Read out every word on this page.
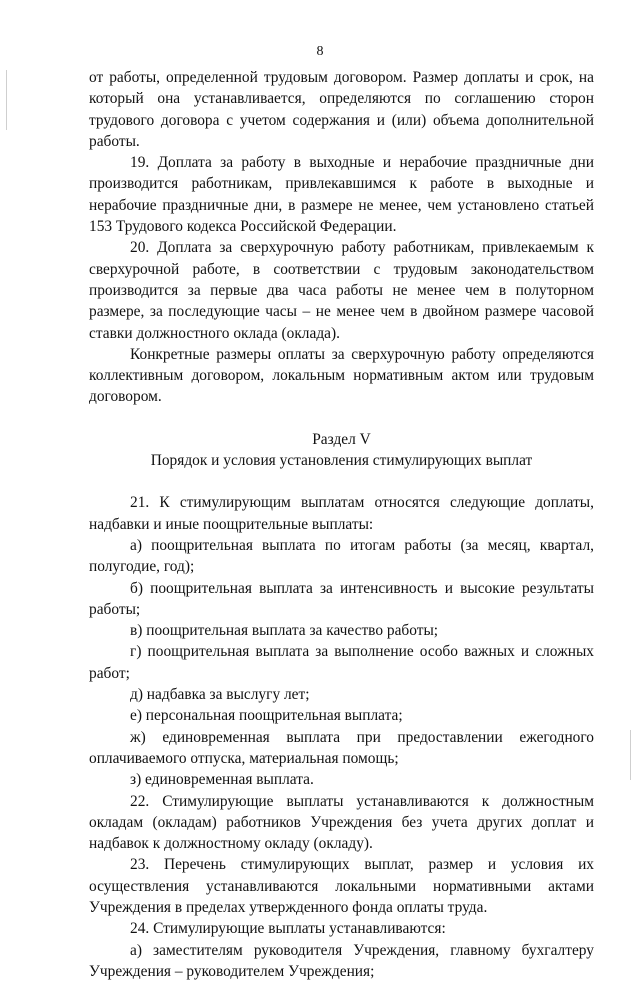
8

от работы, определенной трудовым договором. Размер доплаты и срок, на который она устанавливается, определяются по соглашению сторон трудового договора с учетом содержания и (или) объема дополнительной работы.

19. Доплата за работу в выходные и нерабочие праздничные дни производится работникам, привлекавшимся к работе в выходные и нерабочие праздничные дни, в размере не менее, чем установлено статьей 153 Трудового кодекса Российской Федерации.

20. Доплата за сверхурочную работу работникам, привлекаемым к сверхурочной работе, в соответствии с трудовым законодательством производится за первые два часа работы не менее чем в полуторном размере, за последующие часы – не менее чем в двойном размере часовой ставки должностного оклада (оклада).

Конкретные размеры оплаты за сверхурочную работу определяются коллективным договором, локальным нормативным актом или трудовым договором.

Раздел V

Порядок и условия установления стимулирующих выплат

21. К стимулирующим выплатам относятся следующие доплаты, надбавки и иные поощрительные выплаты:

а) поощрительная выплата по итогам работы (за месяц, квартал, полугодие, год);

б) поощрительная выплата за интенсивность и высокие результаты работы;

в) поощрительная выплата за качество работы;

г) поощрительная выплата за выполнение особо важных и сложных работ;

д) надбавка за выслугу лет;

е) персональная поощрительная выплата;

ж) единовременная выплата при предоставлении ежегодного оплачиваемого отпуска, материальная помощь;

з) единовременная выплата.

22. Стимулирующие выплаты устанавливаются к должностным окладам (окладам) работников Учреждения без учета других доплат и надбавок к должностному окладу (окладу).

23. Перечень стимулирующих выплат, размер и условия их осуществления устанавливаются локальными нормативными актами Учреждения в пределах утвержденного фонда оплаты труда.

24. Стимулирующие выплаты устанавливаются:

а) заместителям руководителя Учреждения, главному бухгалтеру Учреждения – руководителем Учреждения;
